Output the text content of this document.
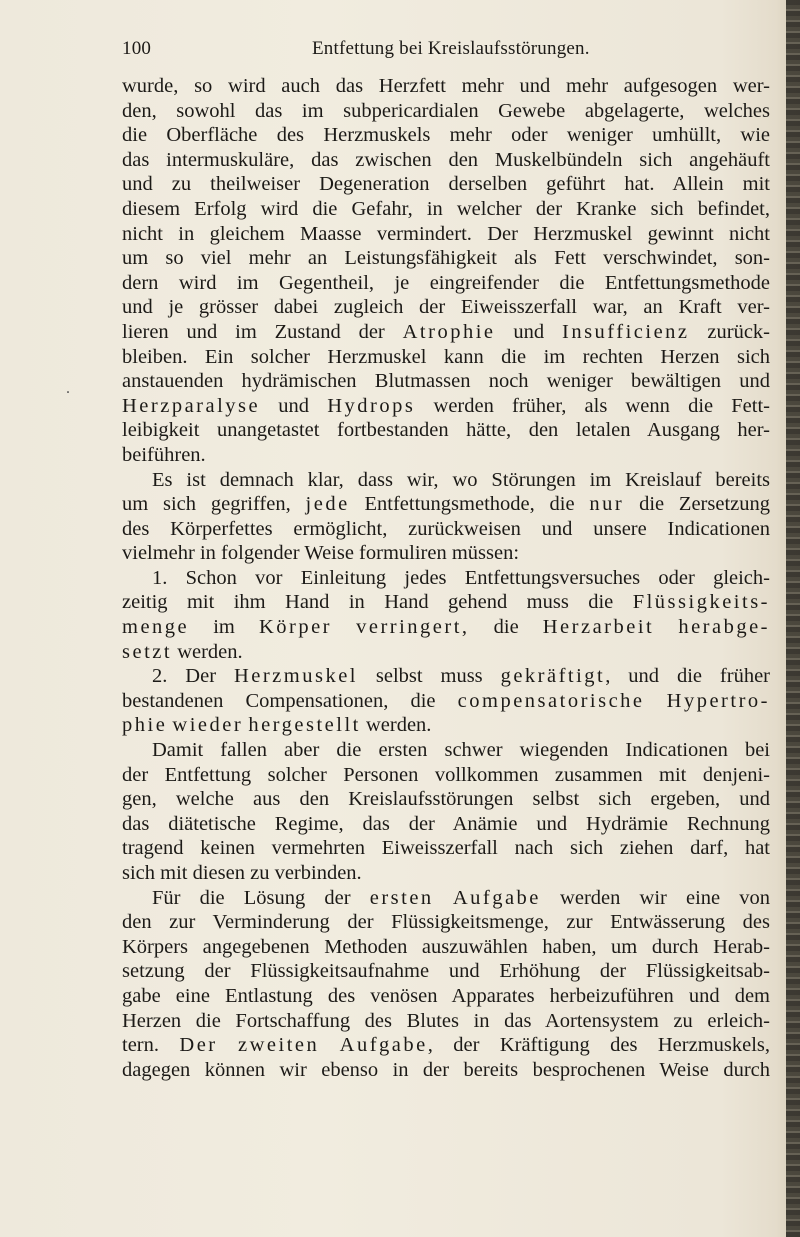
100	Entfettung bei Kreislaufsstörungen.
.
wurde, so wird auch das Herzfett mehr und mehr aufgesogen wer-
den, sowohl das im subpericardialen Gewebe abgelagerte, welches
die Oberfläche des Herzmuskels mehr oder weniger umhüllt, wie
das intermuskuläre, das zwischen den Muskelbündeln sich angehäuft
und zu theilweiser Degeneration derselben geführt hat. Allein mit
diesem Erfolg wird die Gefahr, in welcher der Kranke sich befindet,
nicht in gleichem Maasse vermindert. Der Herzmuskel gewinnt nicht
um so viel mehr an Leistungsfähigkeit als Fett verschwindet, son-
dern wird im Gegentheil, je eingreifender die Entfettungsmethode
und je grösser dabei zugleich der Eiweisszerfall war, an Kraft ver-
lieren und im Zustand der Atrophie und Insufficienz zurück-
bleiben. Ein solcher Herzmuskel kann die im rechten Herzen sich
anstauenden hydrämischen Blutmassen noch weniger bewältigen und
Herzparalyse und Hydrops werden früher, als wenn die Fett-
leibigkeit unangetastet fortbestanden hätte, den letalen Ausgang her-
beiführen.
Es ist demnach klar, dass wir, wo Störungen im Kreislauf bereits
um sich gegriffen, jede Entfettungsmethode, die nur die Zersetzung
des Körperfettes ermöglicht, zurückweisen und unsere Indicationen
vielmehr in folgender Weise formuliren müssen:
1. Schon vor Einleitung jedes Entfettungsversuches oder gleich-
zeitig mit ihm Hand in Hand gehend muss die Flüssigkeits-
menge im Körper verringert, die Herzarbeit herabge-
setzt werden.
2. Der Herzmuskel selbst muss gekräftigt, und die früher
bestandenen Compensationen, die compensatorische Hypertro-
phie wieder hergestellt werden.
Damit fallen aber die ersten schwer wiegenden Indicationen bei
der Entfettung solcher Personen vollkommen zusammen mit denjeni-
gen, welche aus den Kreislaufsstörungen selbst sich ergeben, und
das diätetische Regime, das der Anämie und Hydrämie Rechnung
tragend keinen vermehrten Eiweisszerfall nach sich ziehen darf, hat
sich mit diesen zu verbinden.
Für die Lösung der ersten Aufgabe werden wir eine von
den zur Verminderung der Flüssigkeitsmenge, zur Entwässerung des
Körpers angegebenen Methoden auszuwählen haben, um durch Herab-
setzung der Flüssigkeitsaufnahme und Erhöhung der Flüssigkeitsab-
gabe eine Entlastung des venösen Apparates herbeizuführen und dem
Herzen die Fortschaffung des Blutes in das Aortensystem zu erleich-
tern. Der zweiten Aufgabe, der Kräftigung des Herzmuskels,
dagegen können wir ebenso in der bereits besprochenen Weise durch
